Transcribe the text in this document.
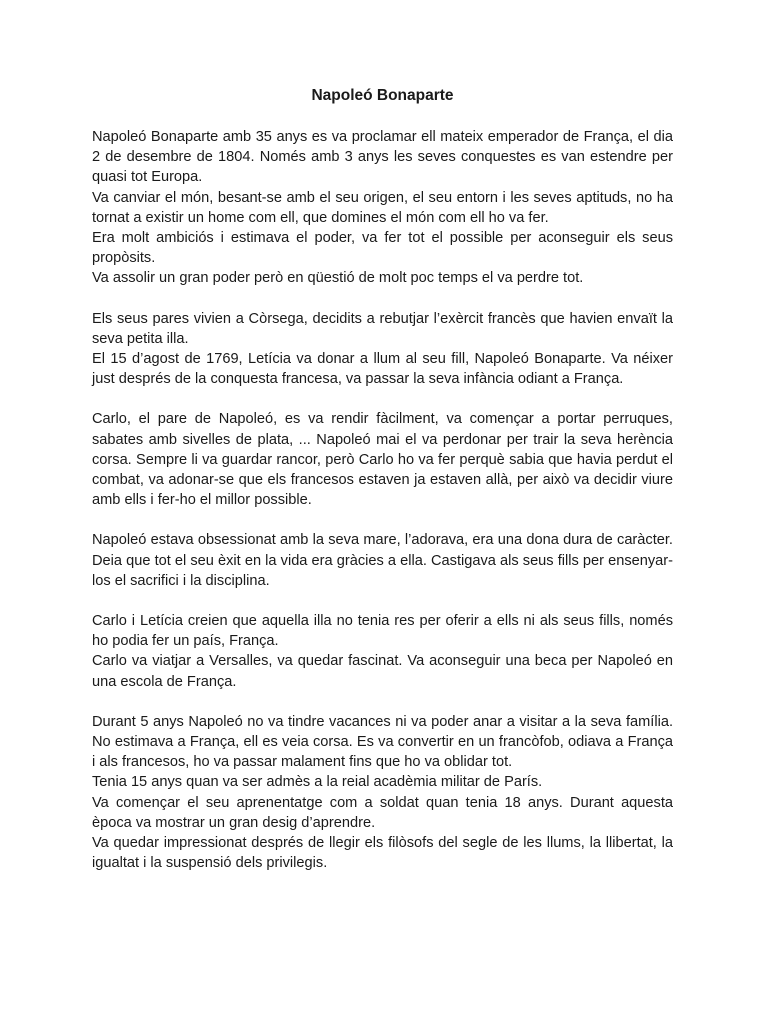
Napoleó Bonaparte

Napoleó Bonaparte amb 35 anys es va proclamar ell mateix emperador de França, el dia 2 de desembre de 1804. Només amb 3 anys les seves conquestes es van estendre per quasi tot Europa.

Va canviar el món, besant-se amb el seu origen, el seu entorn i les seves aptituds, no ha tornat a existir un home com ell, que domines el món com ell ho va fer.

Era molt ambiciós i estimava el poder, va fer tot el possible per aconseguir els seus propòsits.

Va assolir un gran poder però en qüestió de molt poc temps el va perdre tot.

Els seus pares vivien a Còrsega, decidits a rebutjar l’exèrcit francès que havien envaït la seva petita illa.

El 15 d’agost de 1769, Letícia va donar a llum al seu fill, Napoleó Bonaparte. Va néixer just després de la conquesta francesa, va passar la seva infància odiant a França.

Carlo, el pare de Napoleó, es va rendir fàcilment, va començar a portar perruques, sabates amb sivelles de plata, ... Napoleó mai el va perdonar per trair la seva herència corsa. Sempre li va guardar rancor, però Carlo ho va fer perquè sabia que havia perdut el combat, va adonar-se que els francesos estaven ja estaven allà, per això va decidir viure amb ells i fer-ho el millor possible.

Napoleó estava obsessionat amb la seva mare, l’adorava, era una dona dura de caràcter. Deia que tot el seu èxit en la vida era gràcies a ella. Castigava als seus fills per ensenyar-los el sacrifici i la disciplina.

Carlo i Letícia creien que aquella illa no tenia res per oferir a ells ni als seus fills, només ho podia fer un país, França.

Carlo va viatjar a Versalles, va quedar fascinat. Va aconseguir una beca per Napoleó en una escola de França.

Durant 5 anys Napoleó no va tindre vacances ni va poder anar a visitar a la seva família. No estimava a França, ell es veia corsa. Es va convertir en un francòfob, odiava a França i als francesos, ho va passar malament fins que ho va oblidar tot.

Tenia 15 anys quan va ser admès a la reial acadèmia militar de París.

Va començar el seu aprenentatge com a soldat quan tenia 18 anys. Durant aquesta època va mostrar un gran desig d’aprendre.

Va quedar impressionat després de llegir els filòsofs del segle de les llums, la llibertat, la igualtat i la suspensió dels privilegis.
